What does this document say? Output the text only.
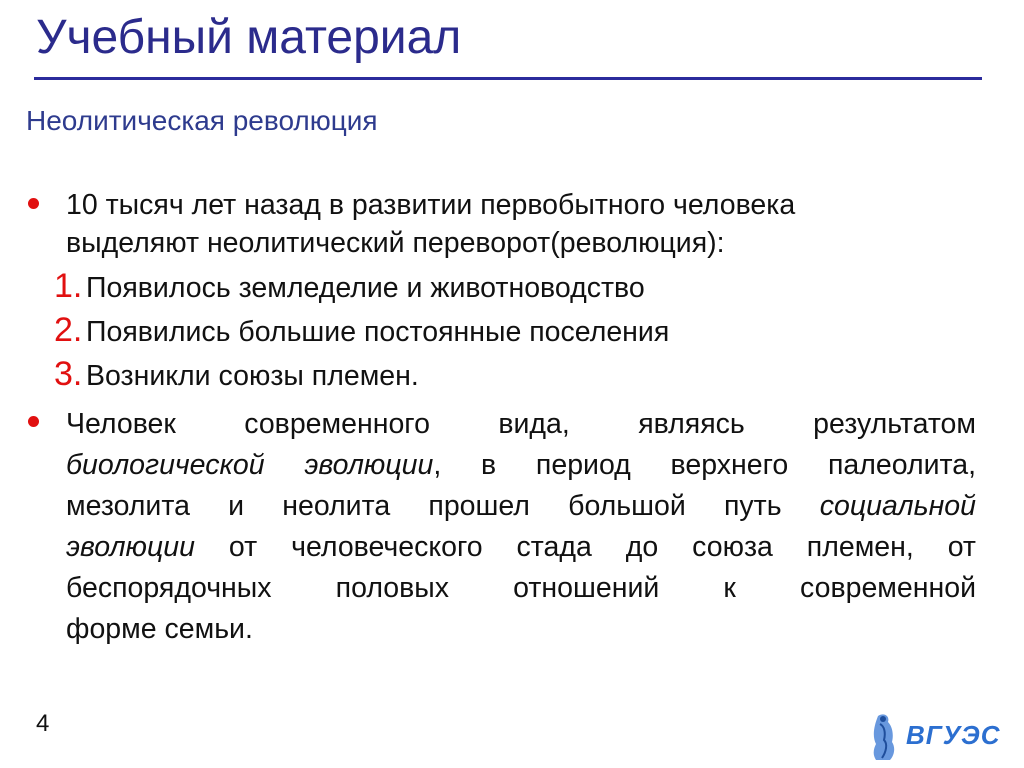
Учебный материал
Неолитическая революция
10 тысяч лет назад в развитии первобытного человека
выделяют неолитический переворот(революция):
1. Появилось земледелие и животноводство
2. Появились большие постоянные поселения
3. Возникли союзы племен.
Человек современного вида, являясь результатом
биологической эволюции, в период верхнего палеолита,
мезолита и неолита прошел большой путь социальной
эволюции от человеческого стада до союза племен, от
беспорядочных половых отношений к современной
форме семьи.
4	ВГУЭС
